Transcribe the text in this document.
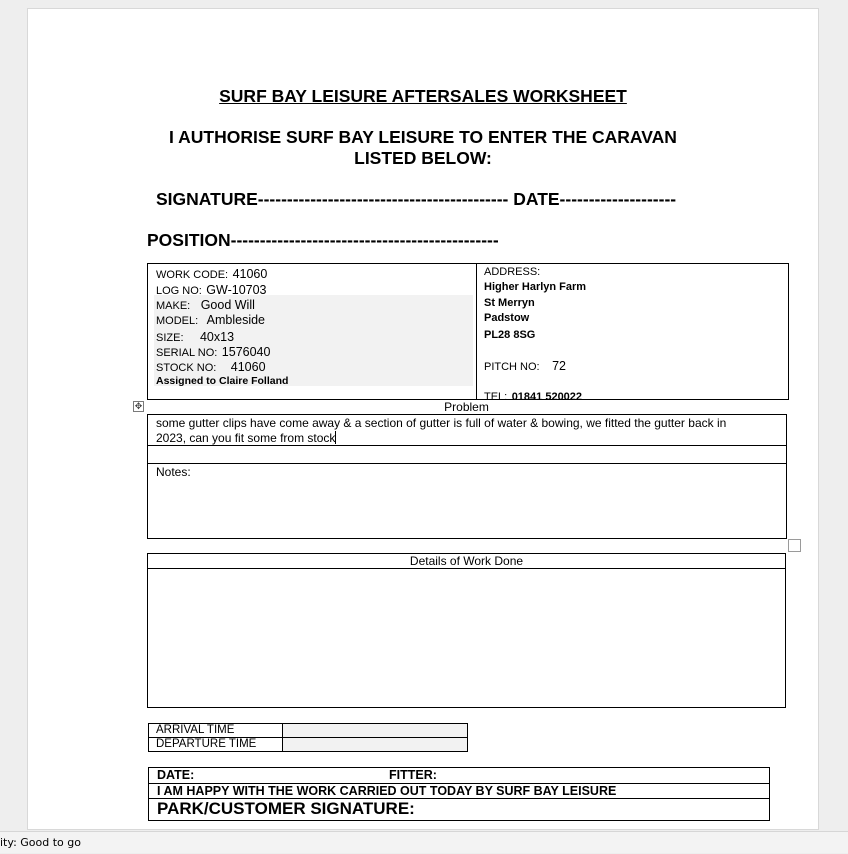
SURF BAY LEISURE AFTERSALES WORKSHEET
I AUTHORISE SURF BAY LEISURE TO ENTER THE CARAVAN
LISTED BELOW:
SIGNATURE------------------------------------------- DATE--------------------
POSITION----------------------------------------------
WORK CODE: 41060
LOG NO: GW-10703
MAKE: Good Will
MODEL: Ambleside
SIZE: 40x13
SERIAL NO: 1576040
STOCK NO: 41060
Assigned to Claire Folland
ADDRESS:
Higher Harlyn Farm
St Merryn
Padstow
PL28 8SG
PITCH NO: 72
TEL: 01841 520022
✥	Problem
some gutter clips have come away & a section of gutter is full of water & bowing, we fitted the gutter back in
2023, can you fit some from stock
Notes:
Details of Work Done
ARRIVAL TIME
DEPARTURE TIME
DATE:	FITTER:
I AM HAPPY WITH THE WORK CARRIED OUT TODAY BY SURF BAY LEISURE
PARK/CUSTOMER SIGNATURE:
ity: Good to go
